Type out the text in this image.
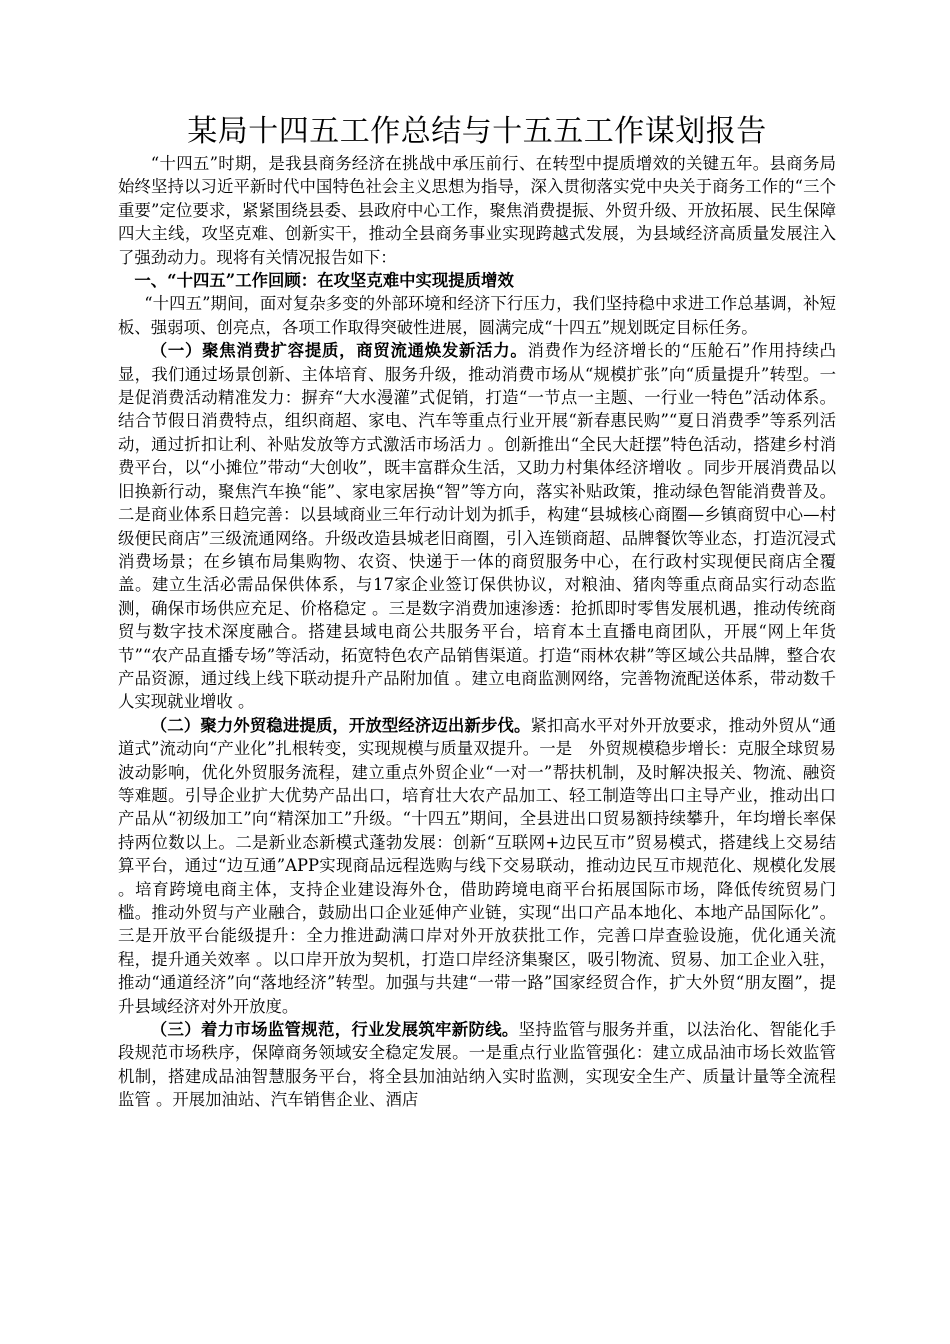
某局十四五工作总结与十五五工作谋划报告

“十四五”时期，是我县商务经济在挑战中承压前行、在转型中提质增效的关键五年。县商务局始终坚持以习近平新时代中国特色社会主义思想为指导，深入贯彻落实党中央关于商务工作的“三个重要”定位要求，紧紧围绕县委、县政府中心工作，聚焦消费提振、外贸升级、开放拓展、民生保障四大主线，攻坚克难、创新实干，推动全县商务事业实现跨越式发展，为县域经济高质量发展注入了强劲动力。现将有关情况报告如下：

一、“十四五”工作回顾：在攻坚克难中实现提质增效

“十四五”期间，面对复杂多变的外部环境和经济下行压力，我们坚持稳中求进工作总基调，补短板、强弱项、创亮点，各项工作取得突破性进展，圆满完成“十四五”规划既定目标任务。

（一）聚焦消费扩容提质，商贸流通焕发新活力。消费作为经济增长的“压舱石”作用持续凸显，我们通过场景创新、主体培育、服务升级，推动消费市场从“规模扩张”向“质量提升”转型。一是促消费活动精准发力：摒弃“大水漫灌”式促销，打造“一节点一主题、一行业一特色”活动体系。结合节假日消费特点，组织商超、家电、汽车等重点行业开展“新春惠民购”“夏日消费季”等系列活动，通过折扣让利、补贴发放等方式激活市场活力 。创新推出“全民大赶摆”特色活动，搭建乡村消费平台，以“小摊位”带动“大创收”，既丰富群众生活，又助力村集体经济增收 。同步开展消费品以旧换新行动，聚焦汽车换“能”、家电家居换“智”等方向，落实补贴政策，推动绿色智能消费普及。二是商业体系日趋完善：以县域商业三年行动计划为抓手，构建“县城核心商圈—乡镇商贸中心—村级便民商店”三级流通网络。升级改造县城老旧商圈，引入连锁商超、品牌餐饮等业态，打造沉浸式消费场景；在乡镇布局集购物、农资、快递于一体的商贸服务中心，在行政村实现便民商店全覆盖。建立生活必需品保供体系，与17家企业签订保供协议，对粮油、猪肉等重点商品实行动态监测，确保市场供应充足、价格稳定 。三是数字消费加速渗透：抢抓即时零售发展机遇，推动传统商贸与数字技术深度融合。搭建县域电商公共服务平台，培育本土直播电商团队，开展“网上年货节”“农产品直播专场”等活动，拓宽特色农产品销售渠道。打造“雨林农耕”等区域公共品牌，整合农产品资源，通过线上线下联动提升产品附加值 。建立电商监测网络，完善物流配送体系，带动数千人实现就业增收 。

（二）聚力外贸稳进提质，开放型经济迈出新步伐。紧扣高水平对外开放要求，推动外贸从“通道式”流动向“产业化”扎根转变，实现规模与质量双提升。一是　外贸规模稳步增长：克服全球贸易波动影响，优化外贸服务流程，建立重点外贸企业“一对一”帮扶机制，及时解决报关、物流、融资等难题。引导企业扩大优势产品出口，培育壮大农产品加工、轻工制造等出口主导产业，推动出口产品从“初级加工”向“精深加工”升级。“十四五”期间，全县进出口贸易额持续攀升，年均增长率保持两位数以上。二是新业态新模式蓬勃发展：创新“互联网+边民互市”贸易模式，搭建线上交易结算平台，通过“边互通”APP实现商品远程选购与线下交易联动，推动边民互市规范化、规模化发展 。培育跨境电商主体，支持企业建设海外仓，借助跨境电商平台拓展国际市场，降低传统贸易门槛。推动外贸与产业融合，鼓励出口企业延伸产业链，实现“出口产品本地化、本地产品国际化”。三是开放平台能级提升：全力推进勐满口岸对外开放获批工作，完善口岸查验设施，优化通关流程，提升通关效率 。以口岸开放为契机，打造口岸经济集聚区，吸引物流、贸易、加工企业入驻，推动“通道经济”向“落地经济”转型。加强与共建“一带一路”国家经贸合作，扩大外贸“朋友圈”，提升县域经济对外开放度。

（三）着力市场监管规范，行业发展筑牢新防线。坚持监管与服务并重，以法治化、智能化手段规范市场秩序，保障商务领域安全稳定发展。一是重点行业监管强化：建立成品油市场长效监管机制，搭建成品油智慧服务平台，将全县加油站纳入实时监测，实现安全生产、质量计量等全流程监管 。开展加油站、汽车销售企业、酒店
